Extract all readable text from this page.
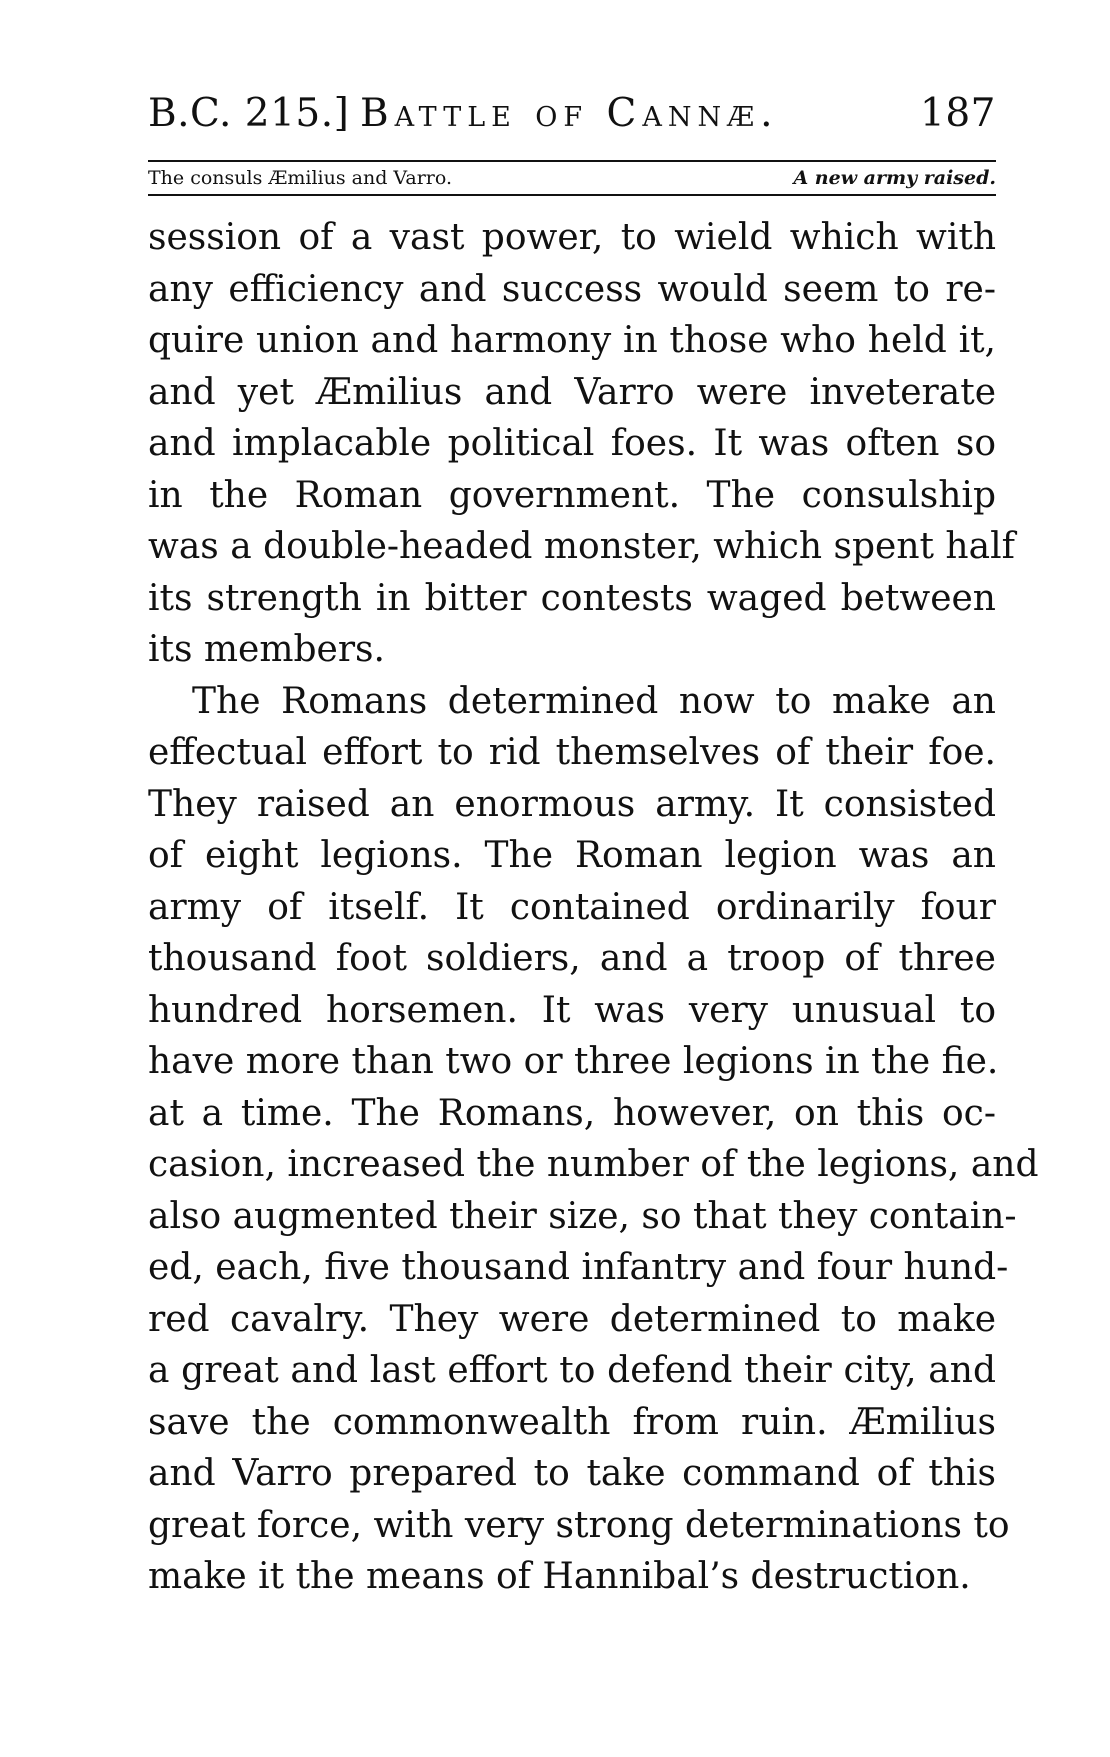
B.C. 215.] Battle of Cannæ.	187
The consuls Æmilius and Varro.	A new army raised.
session of a vast power, to wield which with
any efficiency and success would seem to re-
quire union and harmony in those who held it,
and yet Æmilius and Varro were inveterate
and implacable political foes. It was often so
in the Roman government. The consulship
was a double-headed monster, which spent half
its strength in bitter contests waged between
its members.
The Romans determined now to make an
effectual effort to rid themselves of their foe.
They raised an enormous army. It consisted
of eight legions. The Roman legion was an
army of itself. It contained ordinarily four
thousand foot soldiers, and a troop of three
hundred horsemen. It was very unusual to
have more than two or three legions in the fie.
at a time. The Romans, however, on this oc-
casion, increased the number of the legions, and
also augmented their size, so that they contain-
ed, each, five thousand infantry and four hund-
red cavalry. They were determined to make
a great and last effort to defend their city, and
save the commonwealth from ruin. Æmilius
and Varro prepared to take command of this
great force, with very strong determinations to
make it the means of Hannibal’s destruction.
